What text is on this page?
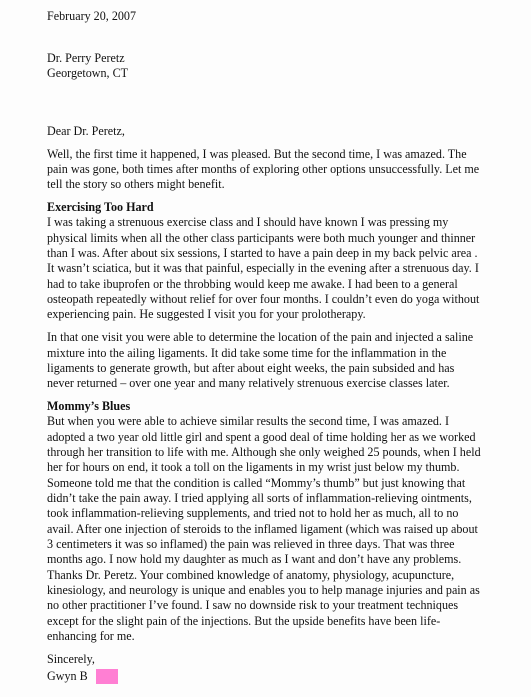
February 20, 2007
Dr. Perry Peretz
Georgetown, CT
Dear Dr. Peretz,
Well, the first time it happened, I was pleased. But the second time, I was amazed. The
pain was gone, both times after months of exploring other options unsuccessfully. Let me
tell the story so others might benefit.
Exercising Too Hard
I was taking a strenuous exercise class and I should have known I was pressing my
physical limits when all the other class participants were both much younger and thinner
than I was. After about six sessions, I started to have a pain deep in my back pelvic area .
It wasn’t sciatica, but it was that painful, especially in the evening after a strenuous day. I
had to take ibuprofen or the throbbing would keep me awake. I had been to a general
osteopath repeatedly without relief for over four months. I couldn’t even do yoga without
experiencing pain. He suggested I visit you for your prolotherapy.
In that one visit you were able to determine the location of the pain and injected a saline
mixture into the ailing ligaments. It did take some time for the inflammation in the
ligaments to generate growth, but after about eight weeks, the pain subsided and has
never returned – over one year and many relatively strenuous exercise classes later.
Mommy’s Blues
But when you were able to achieve similar results the second time, I was amazed. I
adopted a two year old little girl and spent a good deal of time holding her as we worked
through her transition to life with me. Although she only weighed 25 pounds, when I held
her for hours on end, it took a toll on the ligaments in my wrist just below my thumb.
Someone told me that the condition is called “Mommy’s thumb” but just knowing that
didn’t take the pain away. I tried applying all sorts of inflammation-relieving ointments,
took inflammation-relieving supplements, and tried not to hold her as much, all to no
avail. After one injection of steroids to the inflamed ligament (which was raised up about
3 centimeters it was so inflamed) the pain was relieved in three days. That was three
months ago. I now hold my daughter as much as I want and don’t have any problems.
Thanks Dr. Peretz. Your combined knowledge of anatomy, physiology, acupuncture,
kinesiology, and neurology is unique and enables you to help manage injuries and pain as
no other practitioner I’ve found. I saw no downside risk to your treatment techniques
except for the slight pain of the injections. But the upside benefits have been life-
enhancing for me.
Sincerely,
Gwyn B
